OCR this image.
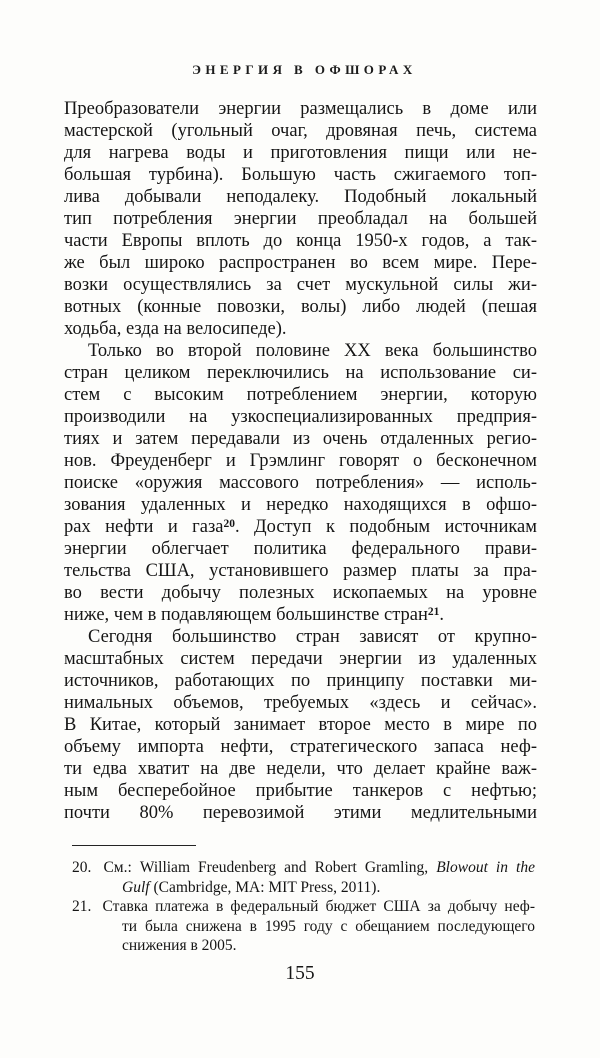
ЭНЕРГИЯ В ОФШОРАХ
Преобразователи энергии размещались в доме или
мастерской (угольный очаг, дровяная печь, система
для нагрева воды и приготовления пищи или не-
большая турбина). Большую часть сжигаемого топ-
лива добывали неподалеку. Подобный локальный
тип потребления энергии преобладал на большей
части Европы вплоть до конца 1950-х годов, а так-
же был широко распространен во всем мире. Пере-
возки осуществлялись за счет мускульной силы жи-
вотных (конные повозки, волы) либо людей (пешая
ходьба, езда на велосипеде).
Только во второй половине XX века большинство
стран целиком переключились на использование си-
стем с высоким потреблением энергии, которую
производили на узкоспециализированных предприя-
тиях и затем передавали из очень отдаленных регио-
нов. Фреуденберг и Грэмлинг говорят о бесконечном
поиске «оружия массового потребления» — исполь-
зования удаленных и нередко находящихся в офшо-
рах нефти и газа$^{20}$. Доступ к подобным источникам
энергии облегчает политика федерального прави-
тельства США, установившего размер платы за пра-
во вести добычу полезных ископаемых на уровне
ниже, чем в подавляющем большинстве стран$^{21}$.
Сегодня большинство стран зависят от крупно-
масштабных систем передачи энергии из удаленных
источников, работающих по принципу поставки ми-
нимальных объемов, требуемых «здесь и сейчас».
В Китае, который занимает второе место в мире по
объему импорта нефти, стратегического запаса неф-
ти едва хватит на две недели, что делает крайне важ-
ным бесперебойное прибытие танкеров с нефтью;
почти 80% перевозимой этими медлительными
20. См.: William Freudenberg and Robert Gramling, Blowout in the
Gulf (Cambridge, MA: MIT Press, 2011).
21. Ставка платежа в федеральный бюджет США за добычу неф-
ти была снижена в 1995 году с обещанием последующего
снижения в 2005.
155
